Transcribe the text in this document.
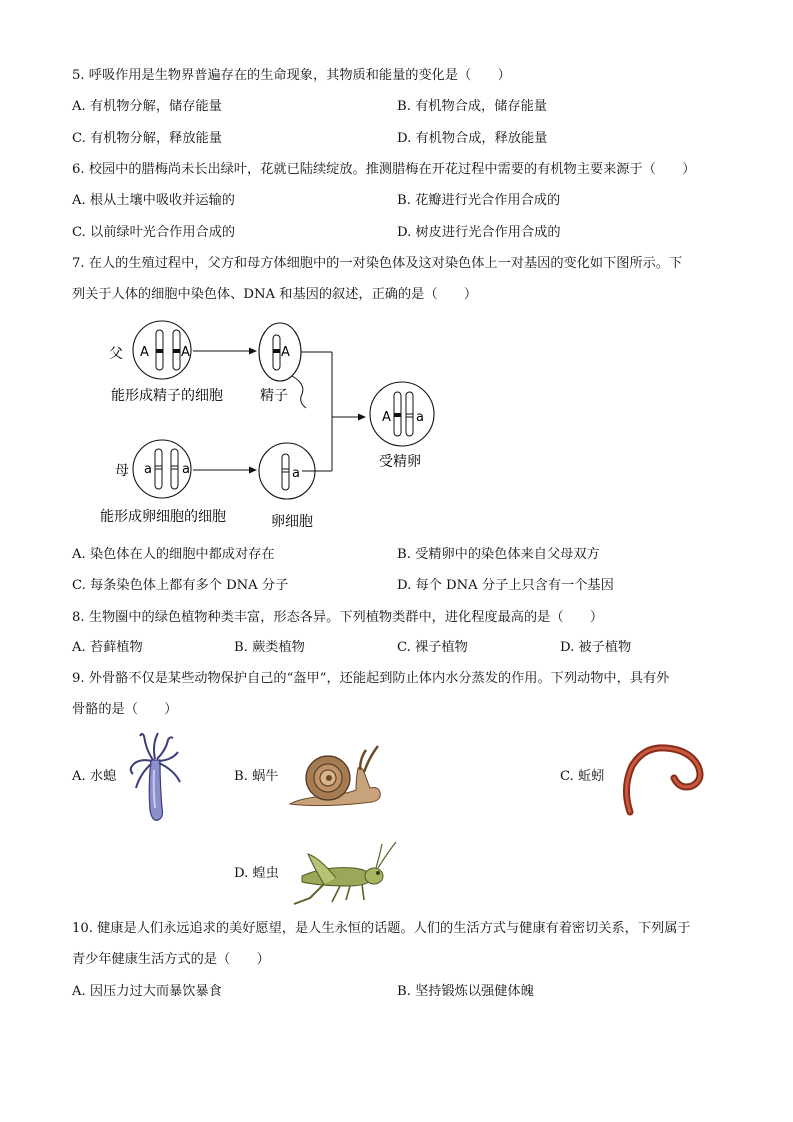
5. 呼吸作用是生物界普遍存在的生命现象，其物质和能量的变化是（　　）
A. 有机物分解，储存能量	B. 有机物合成，储存能量
C. 有机物分解，释放能量	D. 有机物合成，释放能量
6. 校园中的腊梅尚未长出绿叶，花就已陆续绽放。推测腊梅在开花过程中需要的有机物主要来源于（　　）
A. 根从土壤中吸收并运输的	B. 花瓣进行光合作用合成的
C. 以前绿叶光合作用合成的	D. 树皮进行光合作用合成的
7. 在人的生殖过程中，父方和母方体细胞中的一对染色体及这对染色体上一对基因的变化如下图所示。下
列关于人体的细胞中染色体、DNA 和基因的叙述，正确的是（　　）
A A
父
能形成精子的细胞
A
精子
A a
受精卵
a a
母
能形成卵细胞的细胞
a
卵细胞
A. 染色体在人的细胞中都成对存在	B. 受精卵中的染色体来自父母双方
C. 每条染色体上都有多个 DNA 分子	D. 每个 DNA 分子上只含有一个基因
8. 生物圈中的绿色植物种类丰富，形态各异。下列植物类群中，进化程度最高的是（　　）
A. 苔藓植物	B. 蕨类植物	C. 裸子植物	D. 被子植物
9. 外骨骼不仅是某些动物保护自己的“盔甲”，还能起到防止体内水分蒸发的作用。下列动物中，具有外
骨骼的是（　　）
A. 水螅	B. 蜗牛	C. 蚯蚓
D. 蝗虫
10. 健康是人们永远追求的美好愿望，是人生永恒的话题。人们的生活方式与健康有着密切关系，下列属于
青少年健康生活方式的是（　　）
A. 因压力过大而暴饮暴食	B. 坚持锻炼以强健体魄
